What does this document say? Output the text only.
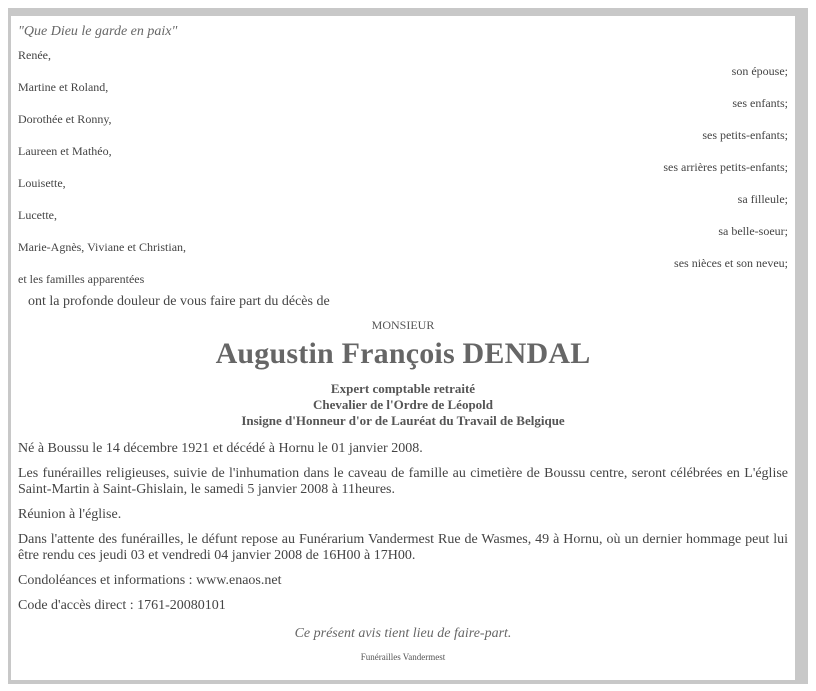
"Que Dieu le garde en paix"
Renée,
son épouse;
Martine et Roland,
ses enfants;
Dorothée et Ronny,
ses petits-enfants;
Laureen et Mathéo,
ses arrières petits-enfants;
Louisette,
sa filleule;
Lucette,
sa belle-soeur;
Marie-Agnès, Viviane et Christian,
ses nièces et son neveu;
et les familles apparentées
ont la profonde douleur de vous faire part du décès de
MONSIEUR
Augustin François DENDAL
Expert comptable retraité
Chevalier de l'Ordre de Léopold
Insigne d'Honneur d'or de Lauréat du Travail de Belgique
Né à Boussu le 14 décembre 1921 et décédé à Hornu le 01 janvier 2008.
Les funérailles religieuses, suivie de l'inhumation dans le caveau de famille au cimetière de Boussu centre, seront célébrées en L'église Saint-Martin à Saint-Ghislain, le samedi 5 janvier 2008 à 11heures.
Réunion à l'église.
Dans l'attente des funérailles, le défunt repose au Funérarium Vandermest Rue de Wasmes, 49 à Hornu, où un dernier hommage peut lui être rendu ces jeudi 03 et vendredi 04 janvier 2008 de 16H00 à 17H00.
Condoléances et informations : www.enaos.net
Code d'accès direct : 1761-20080101
Ce présent avis tient lieu de faire-part.
Funérailles Vandermest
